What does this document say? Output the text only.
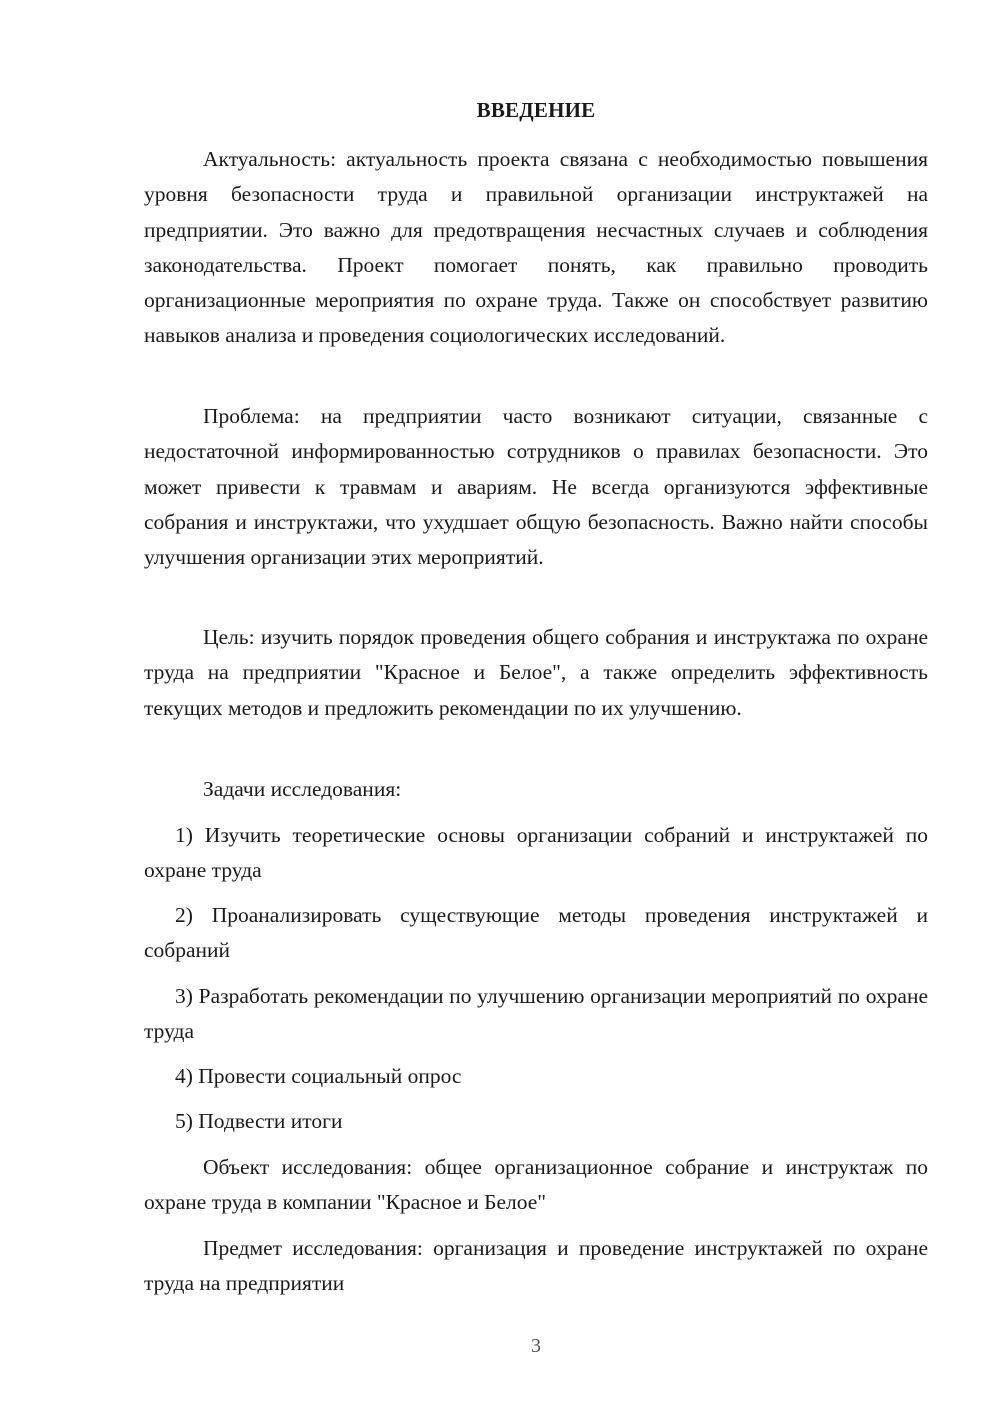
ВВЕДЕНИЕ

Актуальность: актуальность проекта связана с необходимостью повышения уровня безопасности труда и правильной организации инструктажей на предприятии. Это важно для предотвращения несчастных случаев и соблюдения законодательства. Проект помогает понять, как правильно проводить организационные мероприятия по охране труда. Также он способствует развитию навыков анализа и проведения социологических исследований.

Проблема: на предприятии часто возникают ситуации, связанные с недостаточной информированностью сотрудников о правилах безопасности. Это может привести к травмам и авариям. Не всегда организуются эффективные собрания и инструктажи, что ухудшает общую безопасность. Важно найти способы улучшения организации этих мероприятий.

Цель: изучить порядок проведения общего собрания и инструктажа по охране труда на предприятии "Красное и Белое", а также определить эффективность текущих методов и предложить рекомендации по их улучшению.

Задачи исследования:

1) Изучить теоретические основы организации собраний и инструктажей по охране труда

2) Проанализировать существующие методы проведения инструктажей и собраний

3) Разработать рекомендации по улучшению организации мероприятий по охране труда

4) Провести социальный опрос

5) Подвести итоги

Объект исследования: общее организационное собрание и инструктаж по охране труда в компании "Красное и Белое"

Предмет исследования: организация и проведение инструктажей по охране труда на предприятии

3
